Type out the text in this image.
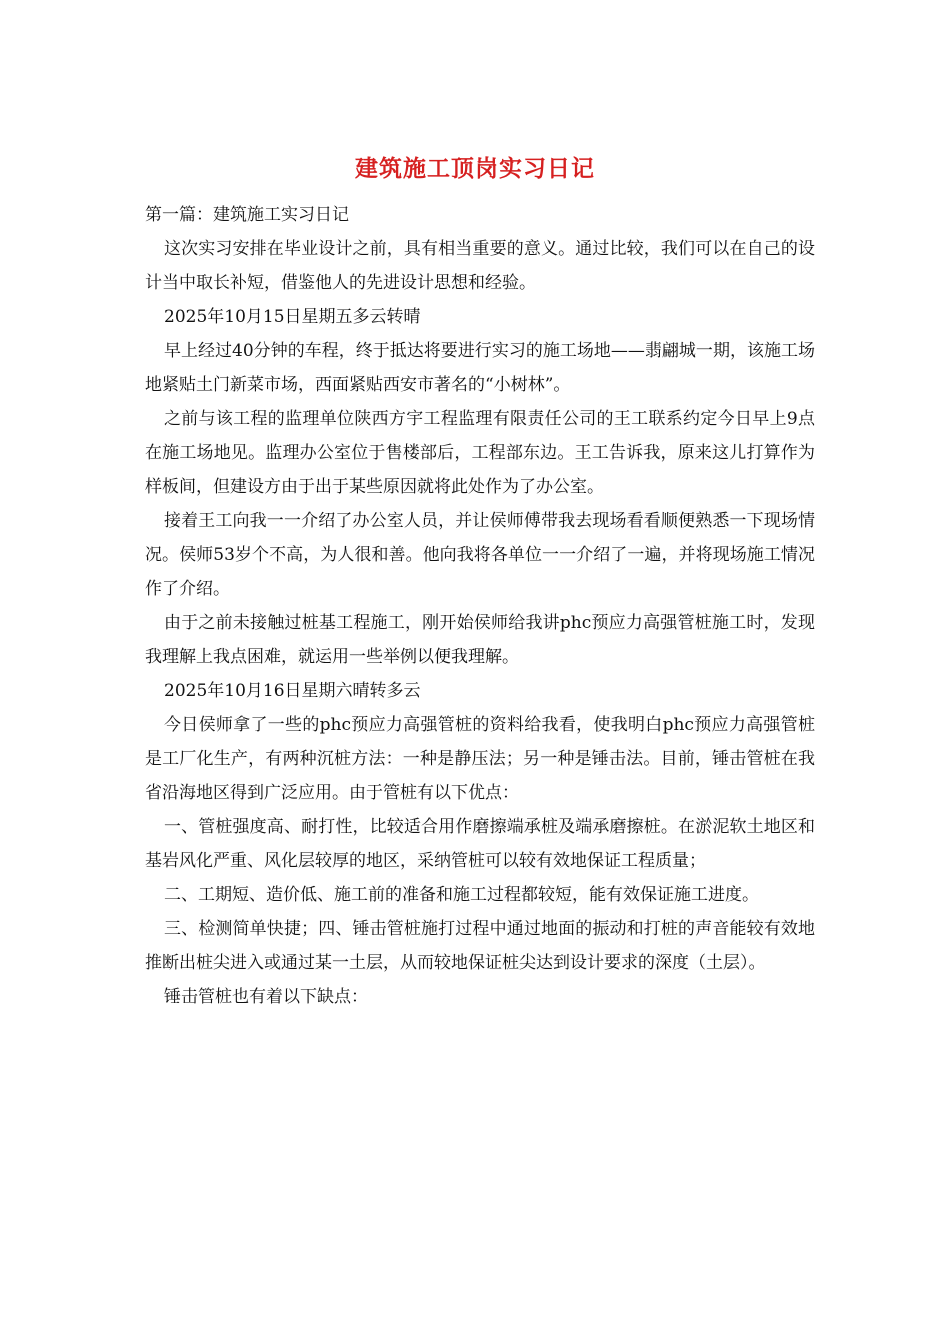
建筑施工顶岗实习日记

第一篇：建筑施工实习日记

这次实习安排在毕业设计之前，具有相当重要的意义。通过比较，我们可以在自己的设计当中取长补短，借鉴他人的先进设计思想和经验。

2025年10月15日星期五多云转晴

早上经过40分钟的车程，终于抵达将要进行实习的施工场地——翡翩城一期，该施工场地紧贴土门新菜市场，西面紧贴西安市著名的“小树林”。

之前与该工程的监理单位陕西方宇工程监理有限责任公司的王工联系约定今日早上9点在施工场地见。监理办公室位于售楼部后，工程部东边。王工告诉我，原来这儿打算作为样板间，但建设方由于出于某些原因就将此处作为了办公室。

接着王工向我一一介绍了办公室人员，并让侯师傅带我去现场看看顺便熟悉一下现场情况。侯师53岁个不高，为人很和善。他向我将各单位一一介绍了一遍，并将现场施工情况作了介绍。

由于之前未接触过桩基工程施工，刚开始侯师给我讲phc预应力高强管桩施工时，发现我理解上我点困难，就运用一些举例以便我理解。

2025年10月16日星期六晴转多云

今日侯师拿了一些的phc预应力高强管桩的资料给我看，使我明白phc预应力高强管桩是工厂化生产，有两种沉桩方法：一种是静压法；另一种是锤击法。目前，锤击管桩在我省沿海地区得到广泛应用。由于管桩有以下优点：

一、管桩强度高、耐打性，比较适合用作磨擦端承桩及端承磨擦桩。在淤泥软土地区和基岩风化严重、风化层较厚的地区，采纳管桩可以较有效地保证工程质量；

二、工期短、造价低、施工前的准备和施工过程都较短，能有效保证施工进度。

三、检测简单快捷；四、锤击管桩施打过程中通过地面的振动和打桩的声音能较有效地推断出桩尖进入或通过某一土层，从而较地保证桩尖达到设计要求的深度（土层）。

锤击管桩也有着以下缺点：
